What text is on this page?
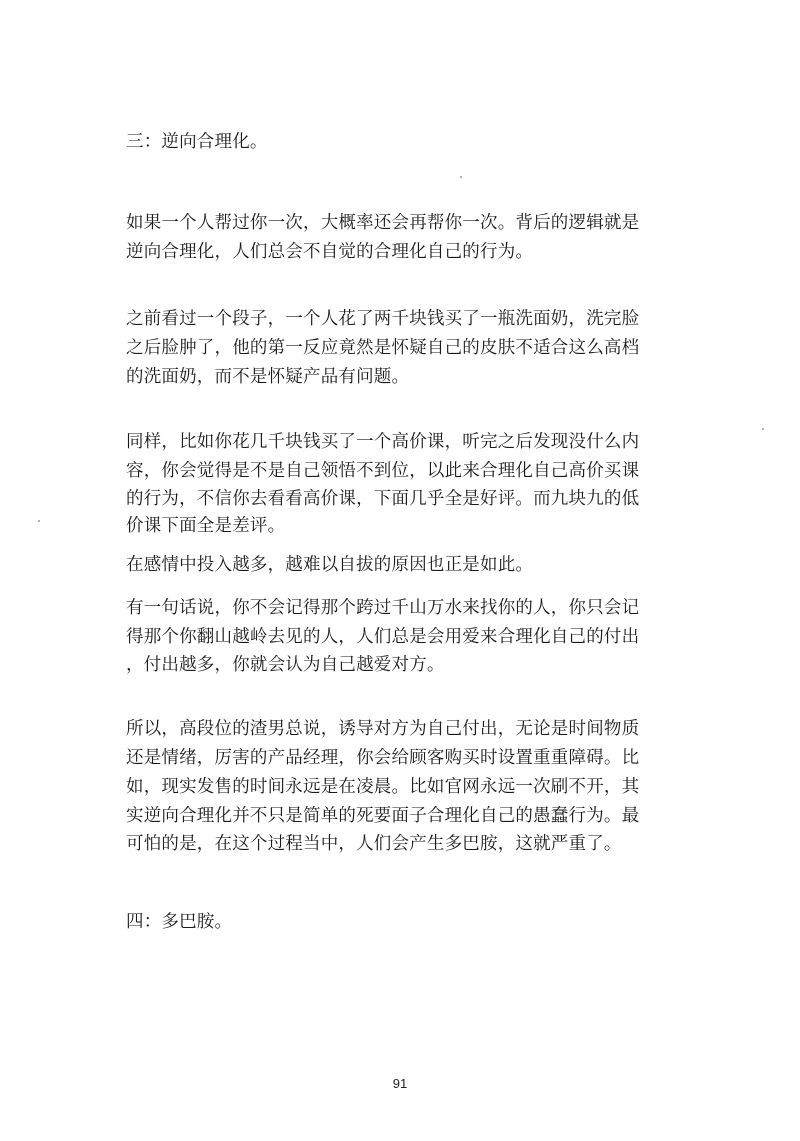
三：逆向合理化。

如果一个人帮过你一次，大概率还会再帮你一次。背后的逻辑就是

逆向合理化，人们总会不自觉的合理化自己的行为。

之前看过一个段子，一个人花了两千块钱买了一瓶洗面奶，洗完脸

之后脸肿了，他的第一反应竟然是怀疑自己的皮肤不适合这么高档

的洗面奶，而不是怀疑产品有问题。

同样，比如你花几千块钱买了一个高价课，听完之后发现没什么内

容，你会觉得是不是自己领悟不到位，以此来合理化自己高价买课

的行为，不信你去看看高价课，下面几乎全是好评。而九块九的低

价课下面全是差评。

在感情中投入越多，越难以自拔的原因也正是如此。

有一句话说，你不会记得那个跨过千山万水来找你的人，你只会记

得那个你翻山越岭去见的人，人们总是会用爱来合理化自己的付出

，付出越多，你就会认为自己越爱对方。

所以，高段位的渣男总说，诱导对方为自己付出，无论是时间物质

还是情绪，厉害的产品经理，你会给顾客购买时设置重重障碍。比

如，现实发售的时间永远是在凌晨。比如官网永远一次刷不开，其

实逆向合理化并不只是简单的死要面子合理化自己的愚蠢行为。最

可怕的是，在这个过程当中，人们会产生多巴胺，这就严重了。

四：多巴胺。

91
